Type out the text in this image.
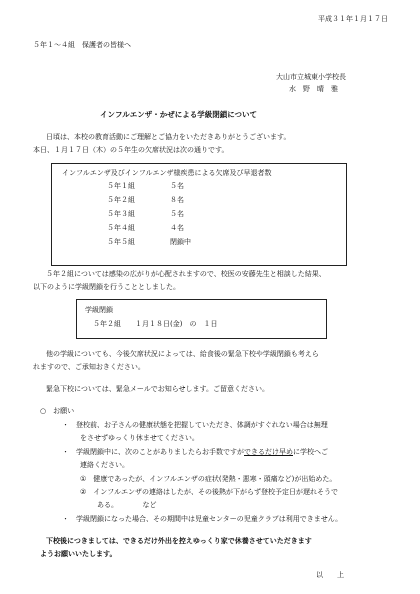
平成３１年１月１７日
５年１～４組　保護者の皆様へ
大山市立城東小学校長
水　野　晴　雅
インフルエンザ・かぜによる学級閉鎖について
日頃は、本校の教育活動にご理解とご協力をいただきありがとうございます。
本日、１月１７日（木）の５年生の欠席状況は次の通りです。
インフルエンザ及びインフルエンザ様疾患による欠席及び早退者数
５年１組	５名
５年２組	８名
５年３組	５名
５年４組	４名
５年５組	閉鎖中
５年２組については感染の広がりが心配されますので、校医の安藤先生と相談した結果、
以下のように学級閉鎖を行うこととしました。
学級閉鎖
５年２組　　１月１８日(金)　の　１日
他の学級についても、今後欠席状況によっては、給食後の緊急下校や学級閉鎖も考えら
れますので、ご承知おきください。
緊急下校については、緊急メールでお知らせします。ご留意ください。
○　お願い
・　登校前、お子さんの健康状態を把握していただき、体調がすぐれない場合は無理
をさせずゆっくり休ませてください。
・　学級閉鎖中に、次のことがありましたらお手数ですができるだけ早めに学校へご
連絡ください。
①　健康であったが、インフルエンザの症状(発熱・悪寒・頭痛など)が出始めた。
②　インフルエンザの連絡はしたが、その後熱が下がらず登校予定日が遅れそうで
ある。　　　　など
・　学級閉鎖になった場合、その期間中は児童センターの児童クラブは利用できません。
下校後につきましては、できるだけ外出を控えゆっくり家で休養させていただきます
ようお願いいたします。
以　　上
